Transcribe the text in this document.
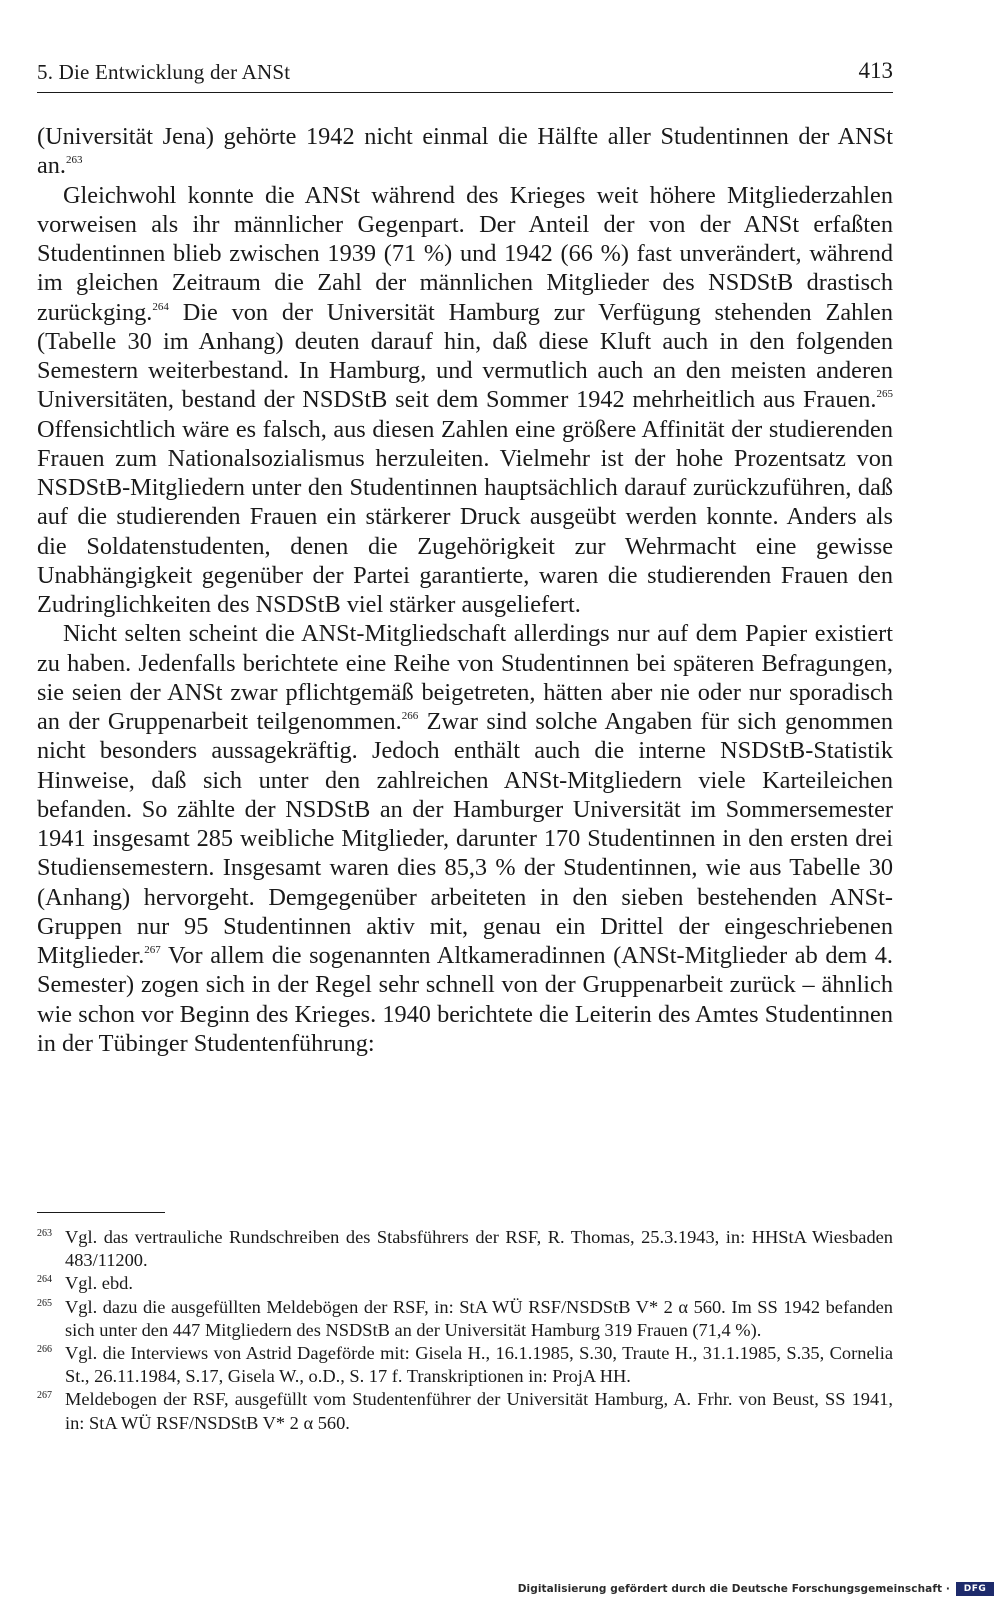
5. Die Entwicklung der ANSt	413

(Universität Jena) gehörte 1942 nicht einmal die Hälfte aller Studentinnen der ANSt an.$^{263}$

Gleichwohl konnte die ANSt während des Krieges weit höhere Mitgliederzahlen vorweisen als ihr männlicher Gegenpart. Der Anteil der von der ANSt erfaßten Studentinnen blieb zwischen 1939 (71 %) und 1942 (66 %) fast unverändert, während im gleichen Zeitraum die Zahl der männlichen Mitglieder des NSDStB drastisch zurückging.$^{264}$ Die von der Universität Hamburg zur Verfügung stehenden Zahlen (Tabelle 30 im Anhang) deuten darauf hin, daß diese Kluft auch in den folgenden Semestern weiterbestand. In Hamburg, und vermutlich auch an den meisten anderen Universitäten, bestand der NSDStB seit dem Sommer 1942 mehrheitlich aus Frauen.$^{265}$ Offensichtlich wäre es falsch, aus diesen Zahlen eine größere Affinität der studierenden Frauen zum Nationalsozialismus herzuleiten. Vielmehr ist der hohe Prozentsatz von NSDStB-Mitgliedern unter den Studentinnen hauptsächlich darauf zurückzuführen, daß auf die studierenden Frauen ein stärkerer Druck ausgeübt werden konnte. Anders als die Soldatenstudenten, denen die Zugehörigkeit zur Wehrmacht eine gewisse Unabhängigkeit gegenüber der Partei garantierte, waren die studierenden Frauen den Zudringlichkeiten des NSDStB viel stärker ausgeliefert.

Nicht selten scheint die ANSt-Mitgliedschaft allerdings nur auf dem Papier existiert zu haben. Jedenfalls berichtete eine Reihe von Studentinnen bei späteren Befragungen, sie seien der ANSt zwar pflichtgemäß beigetreten, hätten aber nie oder nur sporadisch an der Gruppenarbeit teilgenommen.$^{266}$ Zwar sind solche Angaben für sich genommen nicht besonders aussagekräftig. Jedoch enthält auch die interne NSDStB-Statistik Hinweise, daß sich unter den zahlreichen ANSt-Mitgliedern viele Karteileichen befanden. So zählte der NSDStB an der Hamburger Universität im Sommersemester 1941 insgesamt 285 weibliche Mitglieder, darunter 170 Studentinnen in den ersten drei Studiensemestern. Insgesamt waren dies 85,3 % der Studentinnen, wie aus Tabelle 30 (Anhang) hervorgeht. Demgegenüber arbeiteten in den sieben bestehenden ANSt-Gruppen nur 95 Studentinnen aktiv mit, genau ein Drittel der eingeschriebenen Mitglieder.$^{267}$ Vor allem die sogenannten Altkameradinnen (ANSt-Mitglieder ab dem 4. Semester) zogen sich in der Regel sehr schnell von der Gruppenarbeit zurück – ähnlich wie schon vor Beginn des Krieges. 1940 berichtete die Leiterin des Amtes Studentinnen in der Tübinger Studentenführung:

263 Vgl. das vertrauliche Rundschreiben des Stabsführers der RSF, R. Thomas, 25.3.1943, in: HHStA Wiesbaden 483/11200.
264 Vgl. ebd.
265 Vgl. dazu die ausgefüllten Meldebögen der RSF, in: StA WÜ RSF/NSDStB V* 2 α 560. Im SS 1942 befanden sich unter den 447 Mitgliedern des NSDStB an der Universität Hamburg 319 Frauen (71,4 %).
266 Vgl. die Interviews von Astrid Dageförde mit: Gisela H., 16.1.1985, S.30, Traute H., 31.1.1985, S.35, Cornelia St., 26.11.1984, S.17, Gisela W., o.D., S. 17 f. Transkriptionen in: ProjA HH.
267 Meldebogen der RSF, ausgefüllt vom Studentenführer der Universität Hamburg, A. Frhr. von Beust, SS 1941, in: StA WÜ RSF/NSDStB V* 2 α 560.
Digitalisierung gefördert durch die Deutsche Forschungsgemeinschaft ·	DFG
